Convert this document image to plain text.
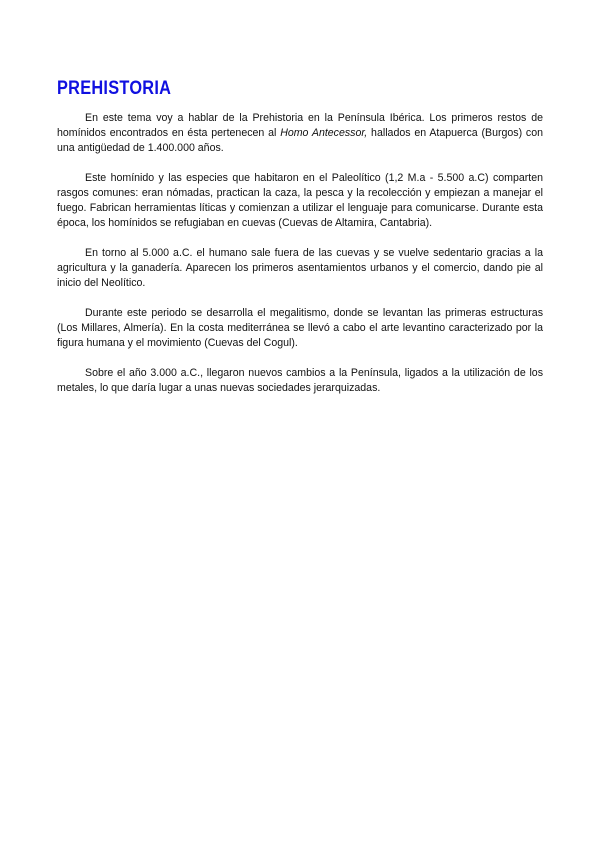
PREHISTORIA

En este tema voy a hablar de la Prehistoria en la Península Ibérica. Los primeros restos de homínidos encontrados en ésta pertenecen al Homo Antecessor, hallados en Atapuerca (Burgos) con una antigüedad de 1.400.000 años.

Este homínido y las especies que habitaron en el Paleolítico (1,2 M.a - 5.500 a.C) comparten rasgos comunes: eran nómadas, practican la caza, la pesca y la recolección y empiezan a manejar el fuego. Fabrican herramientas líticas y comienzan a utilizar el lenguaje para comunicarse. Durante esta época, los homínidos se refugiaban en cuevas (Cuevas de Altamira, Cantabria).

En torno al 5.000 a.C. el humano sale fuera de las cuevas y se vuelve sedentario gracias a la agricultura y la ganadería. Aparecen los primeros asentamientos urbanos y el comercio, dando pie al inicio del Neolítico.

Durante este periodo se desarrolla el megalitismo, donde se levantan las primeras estructuras (Los Millares, Almería). En la costa mediterránea se llevó a cabo el arte levantino caracterizado por la figura humana y el movimiento (Cuevas del Cogul).

Sobre el año 3.000 a.C., llegaron nuevos cambios a la Península, ligados a la utilización de los metales, lo que daría lugar a unas nuevas sociedades jerarquizadas.
